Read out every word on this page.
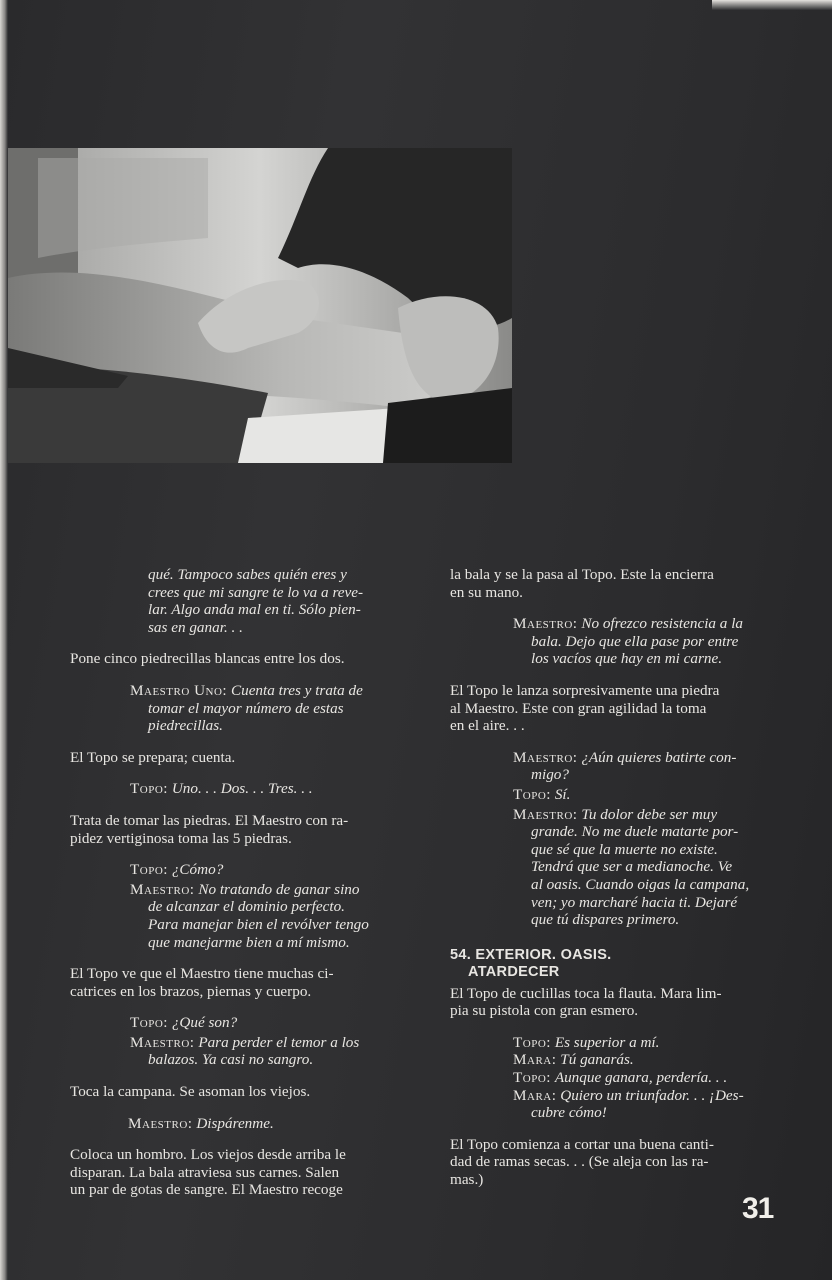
qué. Tampoco sabes quién eres y
crees que mi sangre te lo va a reve-
lar. Algo anda mal en ti. Sólo pien-
sas en ganar. . .

Pone cinco piedrecillas blancas entre los dos.

Maestro Uno: Cuenta tres y trata de
tomar el mayor número de estas
piedrecillas.

El Topo se prepara; cuenta.

Topo: Uno. . . Dos. . . Tres. . .
Trata de tomar las piedras. El Maestro con ra-
pidez vertiginosa toma las 5 piedras.
Topo: ¿Cómo?
Maestro: No tratando de ganar sino
de alcanzar el dominio perfecto.
Para manejar bien el revólver tengo
que manejarme bien a mí mismo.
El Topo ve que el Maestro tiene muchas ci-
catrices en los brazos, piernas y cuerpo.
Topo: ¿Qué son?
Maestro: Para perder el temor a los
balazos. Ya casi no sangro.

Toca la campana. Se asoman los viejos.

Maestro: Dispárenme.
Coloca un hombro. Los viejos desde arriba le
disparan. La bala atraviesa sus carnes. Salen
un par de gotas de sangre. El Maestro recoge
la bala y se la pasa al Topo. Este la encierra
en su mano.
Maestro: No ofrezco resistencia a la
bala. Dejo que ella pase por entre
los vacíos que hay en mi carne.
El Topo le lanza sorpresivamente una piedra
al Maestro. Este con gran agilidad la toma
en el aire. . .
Maestro: ¿Aún quieres batirte con-
migo?
Topo: Sí.
Maestro: Tu dolor debe ser muy
grande. No me duele matarte por-
que sé que la muerte no existe.
Tendrá que ser a medianoche. Ve
al oasis. Cuando oigas la campana,
ven; yo marcharé hacia ti. Dejaré
que tú dispares primero.
54. EXTERIOR. OASIS.
ATARDECER
El Topo de cuclillas toca la flauta. Mara lim-
pia su pistola con gran esmero.
Topo: Es superior a mí.
Mara: Tú ganarás.
Topo: Aunque ganara, perdería. . .
Mara: Quiero un triunfador. . . ¡Des-
cubre cómo!
El Topo comienza a cortar una buena canti-
dad de ramas secas. . . (Se aleja con las ra-
mas.)
31
